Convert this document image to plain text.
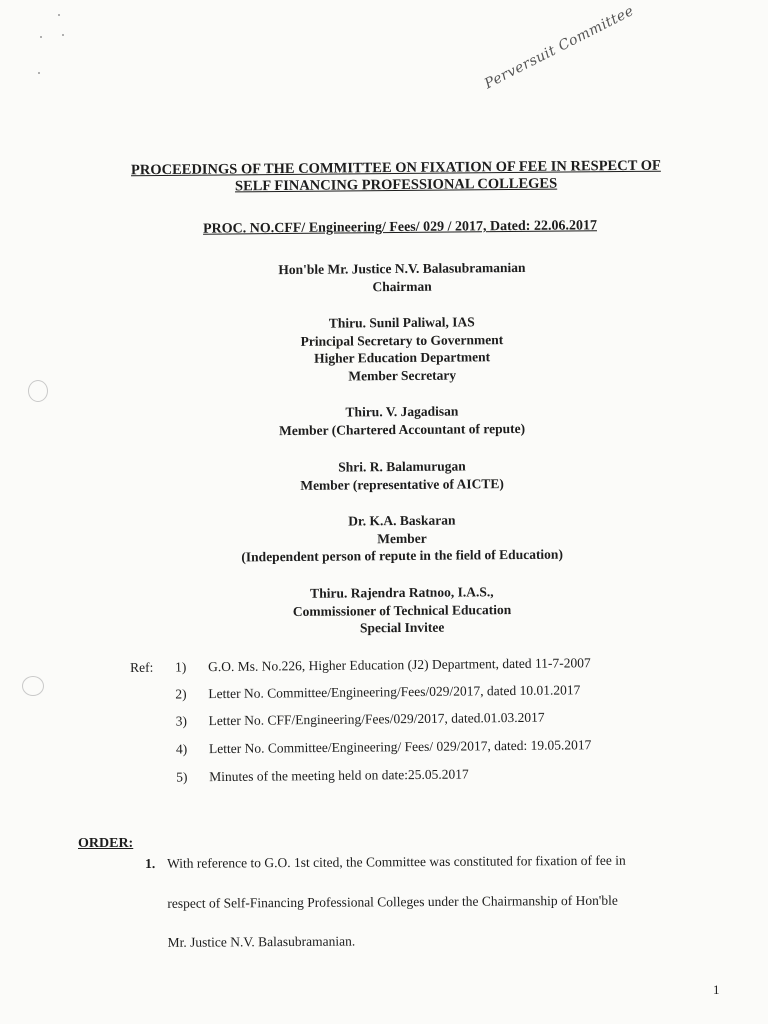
Perversuit Committee
PROCEEDINGS OF THE COMMITTEE ON FIXATION OF FEE IN RESPECT OF
SELF FINANCING PROFESSIONAL COLLEGES
PROC. NO.CFF/ Engineering/ Fees/ 029 / 2017, Dated: 22.06.2017
Hon'ble Mr. Justice N.V. Balasubramanian
Chairman
Thiru. Sunil Paliwal, IAS
Principal Secretary to Government
Higher Education Department
Member Secretary
Thiru. V. Jagadisan
Member (Chartered Accountant of repute)
Shri. R. Balamurugan
Member (representative of AICTE)
Dr. K.A. Baskaran
Member
(Independent person of repute in the field of Education)
Thiru. Rajendra Ratnoo, I.A.S.,
Commissioner of Technical Education
Special Invitee
Ref: 1) G.O. Ms. No.226, Higher Education (J2) Department, dated 11-7-2007
2) Letter No. Committee/Engineering/Fees/029/2017, dated 10.01.2017
3) Letter No. CFF/Engineering/Fees/029/2017, dated.01.03.2017
4) Letter No. Committee/Engineering/ Fees/ 029/2017, dated: 19.05.2017
5) Minutes of the meeting held on date:25.05.2017
ORDER:
1. With reference to G.O. 1st cited, the Committee was constituted for fixation of fee in
respect of Self-Financing Professional Colleges under the Chairmanship of Hon'ble
Mr. Justice N.V. Balasubramanian.
1
